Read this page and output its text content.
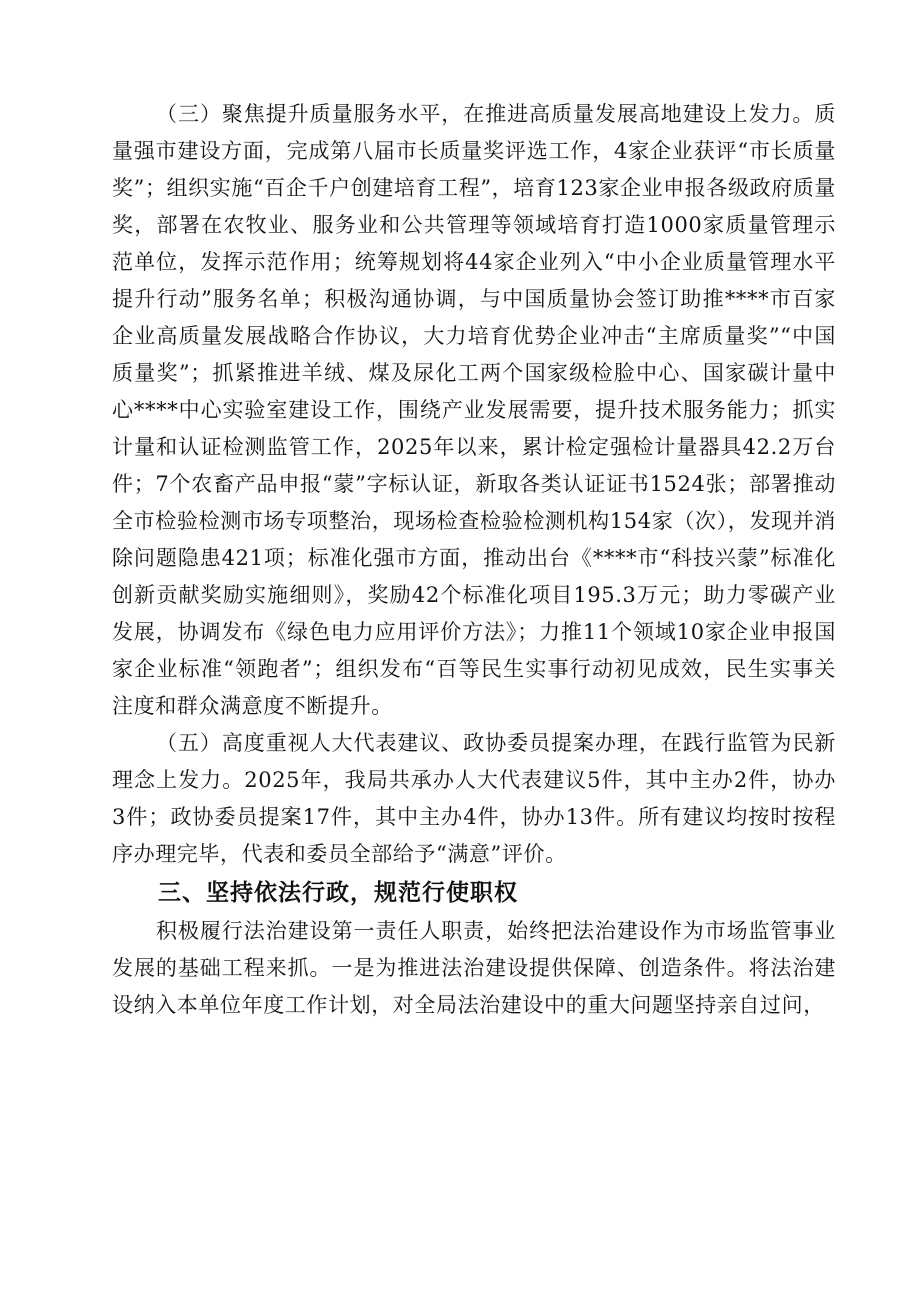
（三）聚焦提升质量服务水平，在推进高质量发展高地建设上发力。质量强市建设方面，完成第八届市长质量奖评选工作，4家企业获评“市长质量奖”；组织实施“百企千户创建培育工程”，培育123家企业申报各级政府质量奖，部署在农牧业、服务业和公共管理等领域培育打造1000家质量管理示范单位，发挥示范作用；统筹规划将44家企业列入“中小企业质量管理水平提升行动”服务名单；积极沟通协调，与中国质量协会签订助推****市百家企业高质量发展战略合作协议，大力培育优势企业冲击“主席质量奖”“中国质量奖”；抓紧推进羊绒、煤及尿化工两个国家级检脸中心、国家碳计量中心****中心实验室建设工作，围绕产业发展需要，提升技术服务能力；抓实计量和认证检测监管工作，2025年以来，累计检定强检计量器具42.2万台件；7个农畜产品申报“蒙”字标认证，新取各类认证证书1524张；部署推动全市检验检测市场专项整治，现场检查检验检测机构154家（次），发现并消除问题隐患421项；标准化强市方面，推动出台《****市“科技兴蒙”标准化创新贡献奖励实施细则》，奖励42个标准化项目195.3万元；助力零碳产业发展，协调发布《绿色电力应用评价方法》；力推11个领域10家企业申报国家企业标准“领跑者”；组织发布“百等民生实事行动初见成效，民生实事关注度和群众满意度不断提升。

（五）高度重视人大代表建议、政协委员提案办理，在践行监管为民新理念上发力。2025年，我局共承办人大代表建议5件，其中主办2件，协办3件；政协委员提案17件，其中主办4件，协办13件。所有建议均按时按程序办理完毕，代表和委员全部给予“满意”评价。

三、坚持依法行政，规范行使职权

积极履行法治建设第一责任人职责，始终把法治建设作为市场监管事业发展的基础工程来抓。一是为推进法治建设提供保障、创造条件。将法治建设纳入本单位年度工作计划，对全局法治建设中的重大问题坚持亲自过问，
